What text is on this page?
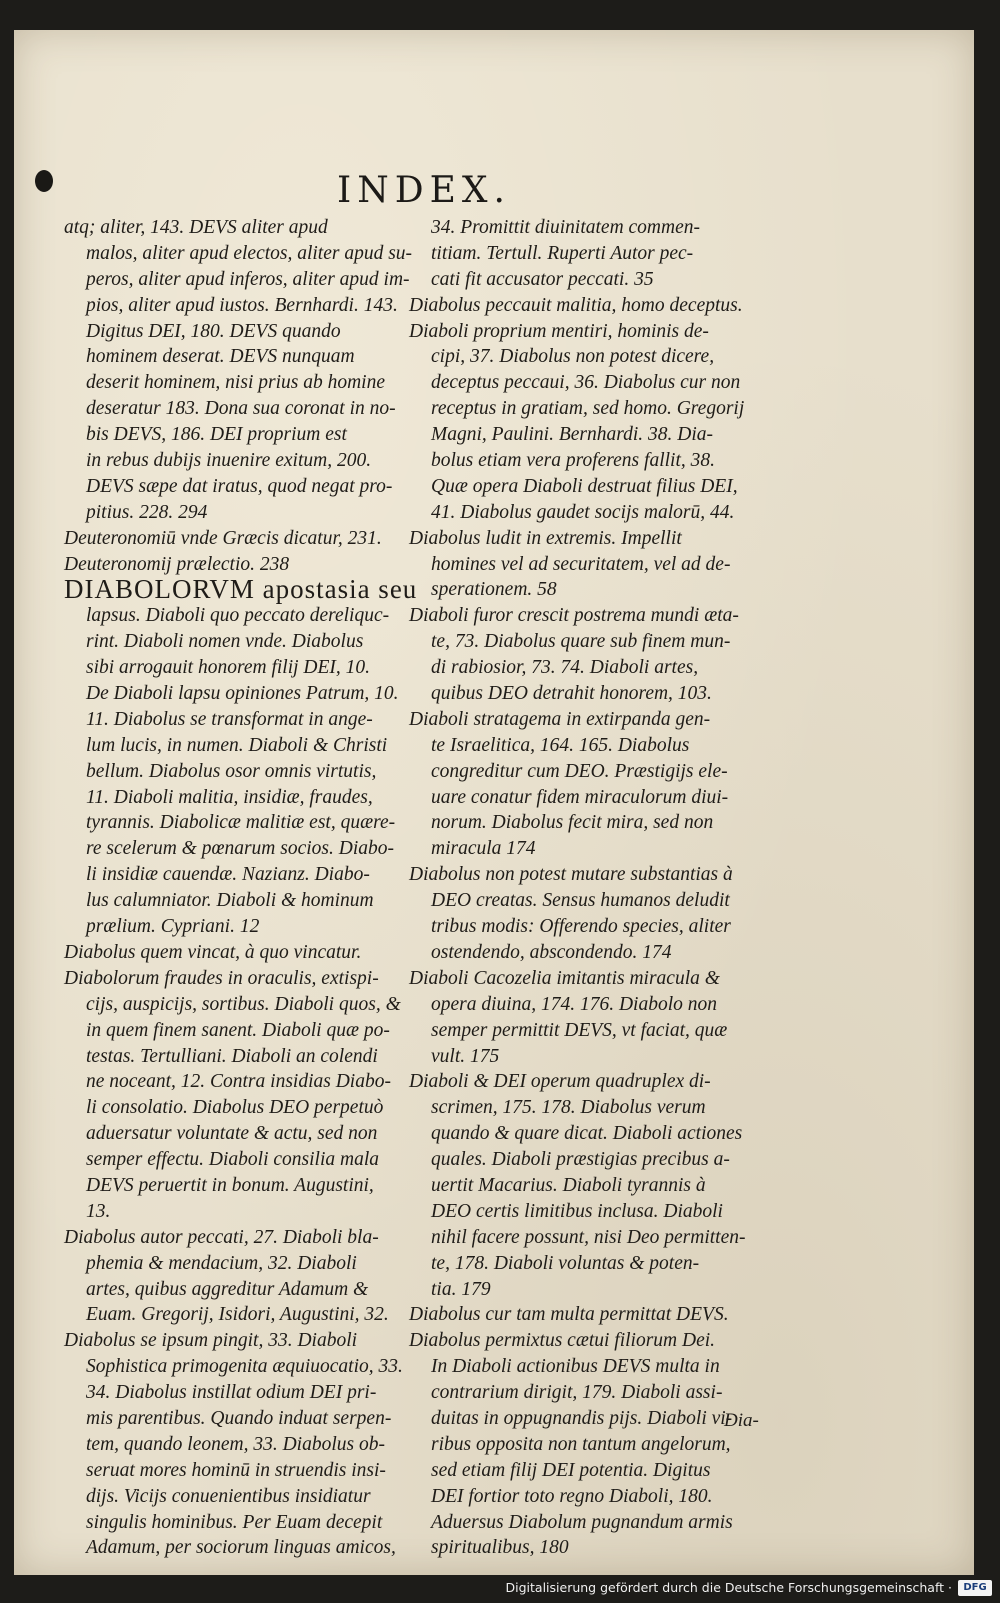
INDEX.
atq; aliter, 143. DEVS aliter apud
malos, aliter apud electos, aliter apud su-
peros, aliter apud inferos, aliter apud im-
pios, aliter apud iustos. Bernhardi. 143.
Digitus DEI, 180. DEVS quando
hominem deserat. DEVS nunquam
deserit hominem, nisi prius ab homine
deseratur 183. Dona sua coronat in no-
bis DEVS, 186. DEI proprium est
in rebus dubijs inuenire exitum, 200.
DEVS sæpe dat iratus, quod negat pro-
pitius. 228. 294
Deuteronomiū vnde Græcis dicatur, 231.
Deuteronomij prælectio. 238
DIABOLORVM apostasia seu
lapsus. Diaboli quo peccato dereliquc-
rint. Diaboli nomen vnde. Diabolus
sibi arrogauit honorem filij DEI, 10.
De Diaboli lapsu opiniones Patrum, 10.
11. Diabolus se transformat in ange-
lum lucis, in numen. Diaboli & Christi
bellum. Diabolus osor omnis virtutis,
11. Diaboli malitia, insidiæ, fraudes,
tyrannis. Diabolicæ malitiæ est, quære-
re scelerum & pœnarum socios. Diabo-
li insidiæ cauendæ. Nazianz. Diabo-
lus calumniator. Diaboli & hominum
prælium. Cypriani. 12
Diabolus quem vincat, à quo vincatur.
Diabolorum fraudes in oraculis, extispi-
cijs, auspicijs, sortibus. Diaboli quos, &
in quem finem sanent. Diaboli quæ po-
testas. Tertulliani. Diaboli an colendi
ne noceant, 12. Contra insidias Diabo-
li consolatio. Diabolus DEO perpetuò
aduersatur voluntate & actu, sed non
semper effectu. Diaboli consilia mala
DEVS peruertit in bonum. Augustini,
13.
Diabolus autor peccati, 27. Diaboli bla-
phemia & mendacium, 32. Diaboli
artes, quibus aggreditur Adamum &
Euam. Gregorij, Isidori, Augustini, 32.
Diabolus se ipsum pingit, 33. Diaboli
Sophistica primogenita æquiuocatio, 33.
34. Diabolus instillat odium DEI pri-
mis parentibus. Quando induat serpen-
tem, quando leonem, 33. Diabolus ob-
seruat mores hominū in struendis insi-
dijs. Vicijs conuenientibus insidiatur
singulis hominibus. Per Euam decepit
Adamum, per sociorum linguas amicos,
34. Promittit diuinitatem commen-
titiam. Tertull. Ruperti Autor pec-
cati fit accusator peccati. 35
Diabolus peccauit malitia, homo deceptus.
Diaboli proprium mentiri, hominis de-
cipi, 37. Diabolus non potest dicere,
deceptus peccaui, 36. Diabolus cur non
receptus in gratiam, sed homo. Gregorij
Magni, Paulini. Bernhardi. 38. Dia-
bolus etiam vera proferens fallit, 38.
Quæ opera Diaboli destruat filius DEI,
41. Diabolus gaudet socijs malorū, 44.
Diabolus ludit in extremis. Impellit
homines vel ad securitatem, vel ad de-
sperationem. 58
Diaboli furor crescit postrema mundi æta-
te, 73. Diabolus quare sub finem mun-
di rabiosior, 73. 74. Diaboli artes,
quibus DEO detrahit honorem, 103.
Diaboli stratagema in extirpanda gen-
te Israelitica, 164. 165. Diabolus
congreditur cum DEO. Præstigijs ele-
uare conatur fidem miraculorum diui-
norum. Diabolus fecit mira, sed non
miracula 174
Diabolus non potest mutare substantias à
DEO creatas. Sensus humanos deludit
tribus modis: Offerendo species, aliter
ostendendo, abscondendo. 174
Diaboli Cacozelia imitantis miracula &
opera diuina, 174. 176. Diabolo non
semper permittit DEVS, vt faciat, quæ
vult. 175
Diaboli & DEI operum quadruplex di-
scrimen, 175. 178. Diabolus verum
quando & quare dicat. Diaboli actiones
quales. Diaboli præstigias precibus a-
uertit Macarius. Diaboli tyrannis à
DEO certis limitibus inclusa. Diaboli
nihil facere possunt, nisi Deo permitten-
te, 178. Diaboli voluntas & poten-
tia. 179
Diabolus cur tam multa permittat DEVS.
Diabolus permixtus cætui filiorum Dei.
In Diaboli actionibus DEVS multa in
contrarium dirigit, 179. Diaboli assi-
duitas in oppugnandis pijs. Diaboli vi-
ribus opposita non tantum angelorum,
sed etiam filij DEI potentia. Digitus
DEI fortior toto regno Diaboli, 180.
Aduersus Diabolum pugnandum armis
spiritualibus, 180
Dia-
Digitalisierung gefördert durch die Deutsche Forschungsgemeinschaft ·	DFG
